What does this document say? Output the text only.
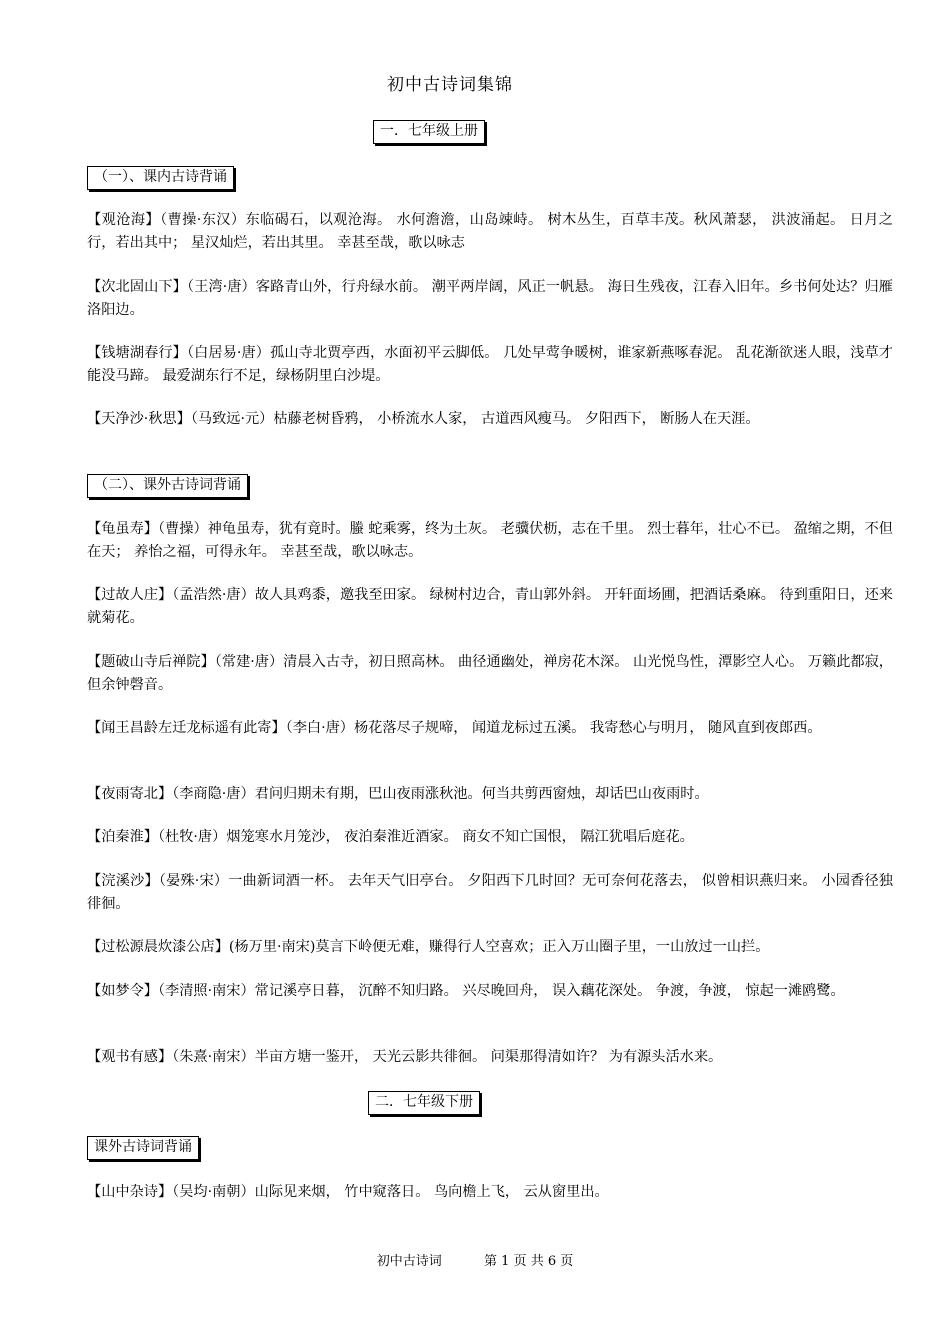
初中古诗词集锦
一．七年级上册
（一）、课内古诗背诵
【观沧海】（曹操·东汉）东临碣石，以观沧海。 水何澹澹，山岛竦峙。 树木丛生，百草丰茂。秋风萧瑟， 洪波涌起。 日月之行，若出其中； 星汉灿烂，若出其里。 幸甚至哉，歌以咏志
【次北固山下】（王湾·唐）客路青山外，行舟绿水前。 潮平两岸阔，风正一帆悬。 海日生残夜，江春入旧年。乡书何处达？归雁洛阳边。
【钱塘湖春行】（白居易·唐）孤山寺北贾亭西，水面初平云脚低。 几处早莺争暖树，谁家新燕啄春泥。 乱花渐欲迷人眼，浅草才能没马蹄。 最爱湖东行不足，绿杨阴里白沙堤。
【天净沙·秋思】（马致远·元）枯藤老树昏鸦， 小桥流水人家， 古道西风瘦马。 夕阳西下， 断肠人在天涯。
（二）、课外古诗词背诵
【龟虽寿】（曹操）神龟虽寿，犹有竟时。螣 蛇乘雾，终为土灰。 老骥伏枥，志在千里。 烈士暮年，壮心不已。 盈缩之期，不但在天； 养怡之福，可得永年。 幸甚至哉，歌以咏志。
【过故人庄】（孟浩然·唐）故人具鸡黍，邀我至田家。 绿树村边合，青山郭外斜。 开轩面场圃，把酒话桑麻。 待到重阳日，还来就菊花。
【题破山寺后禅院】（常建·唐）清晨入古寺，初日照高林。 曲径通幽处，禅房花木深。 山光悦鸟性，潭影空人心。 万籁此都寂，但余钟磬音。
【闻王昌龄左迁龙标遥有此寄】（李白·唐）杨花落尽子规啼， 闻道龙标过五溪。 我寄愁心与明月， 随风直到夜郎西。
【夜雨寄北】（李商隐·唐）君问归期未有期，巴山夜雨涨秋池。何当共剪西窗烛，却话巴山夜雨时。
【泊秦淮】（杜牧·唐）烟笼寒水月笼沙， 夜泊秦淮近酒家。 商女不知亡国恨， 隔江犹唱后庭花。
【浣溪沙】（晏殊·宋）一曲新词酒一杯。 去年天气旧亭台。 夕阳西下几时回？无可奈何花落去， 似曾相识燕归来。 小园香径独徘徊。
【过松源晨炊漆公店】(杨万里·南宋)莫言下岭便无难，赚得行人空喜欢；正入万山圈子里，一山放过一山拦。
【如梦令】（李清照·南宋）常记溪亭日暮， 沉醉不知归路。 兴尽晚回舟， 误入藕花深处。 争渡，争渡， 惊起一滩鸥鹭。
【观书有感】（朱熹·南宋）半亩方塘一鉴开， 天光云影共徘徊。 问渠那得清如许？ 为有源头活水来。
二．七年级下册
课外古诗词背诵
【山中杂诗】（吴均·南朝）山际见来烟， 竹中窥落日。 鸟向檐上飞， 云从窗里出。
初中古诗词	第 1 页 共 6 页
